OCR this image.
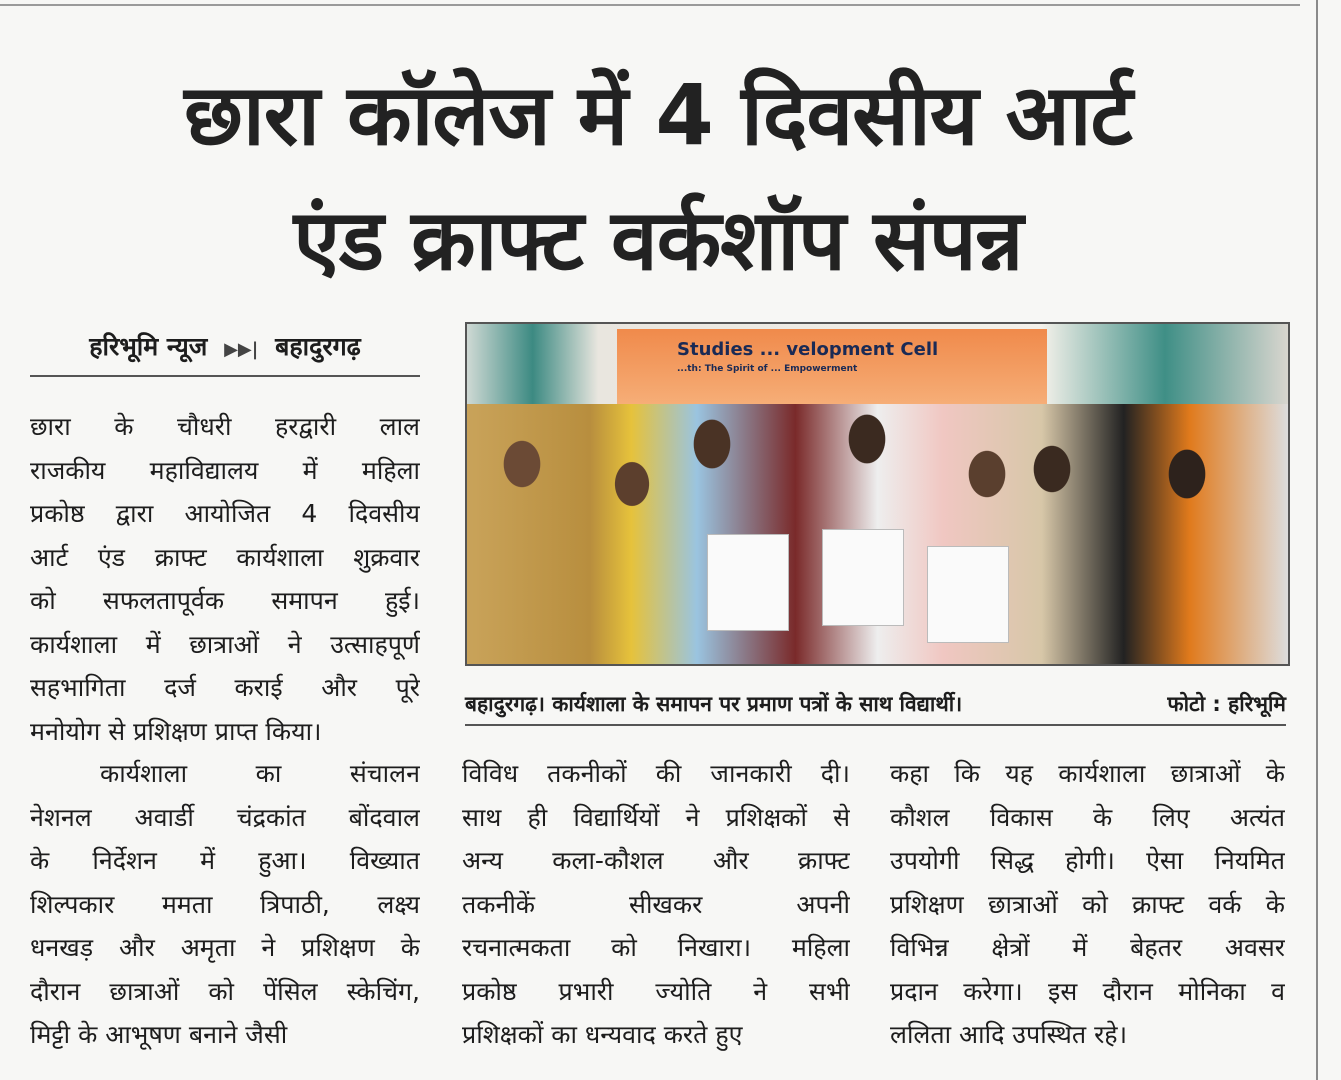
छारा कॉलेज में 4 दिवसीय आर्ट
एंड क्राफ्ट वर्कशॉप संपन्न
हरिभूमि न्यूज ▶▶| बहादुरगढ़
छारा के चौधरी हरद्वारी लाल
राजकीय महाविद्यालय में महिला
प्रकोष्ठ द्वारा आयोजित 4 दिवसीय
आर्ट एंड क्राफ्ट कार्यशाला शुक्रवार
को सफलतापूर्वक समापन हुई।
कार्यशाला में छात्राओं ने उत्साहपूर्ण
सहभागिता दर्ज कराई और पूरे
मनोयोग से प्रशिक्षण प्राप्त किया।
कार्यशाला का संचालन
नेशनल अवार्डी चंद्रकांत बोंदवाल
के निर्देशन में हुआ। विख्यात
शिल्पकार ममता त्रिपाठी, लक्ष्य
धनखड़ और अमृता ने प्रशिक्षण के
दौरान छात्राओं को पेंसिल स्केचिंग,
मिट्टी के आभूषण बनाने जैसी
Studies ... velopment Cell
...th: The Spirit of ... Empowerment
बहादुरगढ़। कार्यशाला के समापन पर प्रमाण पत्रों के साथ विद्यार्थी।	फोटो : हरिभूमि
विविध तकनीकों की जानकारी दी।
साथ ही विद्यार्थियों ने प्रशिक्षकों से
अन्य कला-कौशल और क्राफ्ट
तकनीकें सीखकर अपनी
रचनात्मकता को निखारा। महिला
प्रकोष्ठ प्रभारी ज्योति ने सभी
प्रशिक्षकों का धन्यवाद करते हुए
कहा कि यह कार्यशाला छात्राओं के
कौशल विकास के लिए अत्यंत
उपयोगी सिद्ध होगी। ऐसा नियमित
प्रशिक्षण छात्राओं को क्राफ्ट वर्क के
विभिन्न क्षेत्रों में बेहतर अवसर
प्रदान करेगा। इस दौरान मोनिका व
ललिता आदि उपस्थित रहे।
